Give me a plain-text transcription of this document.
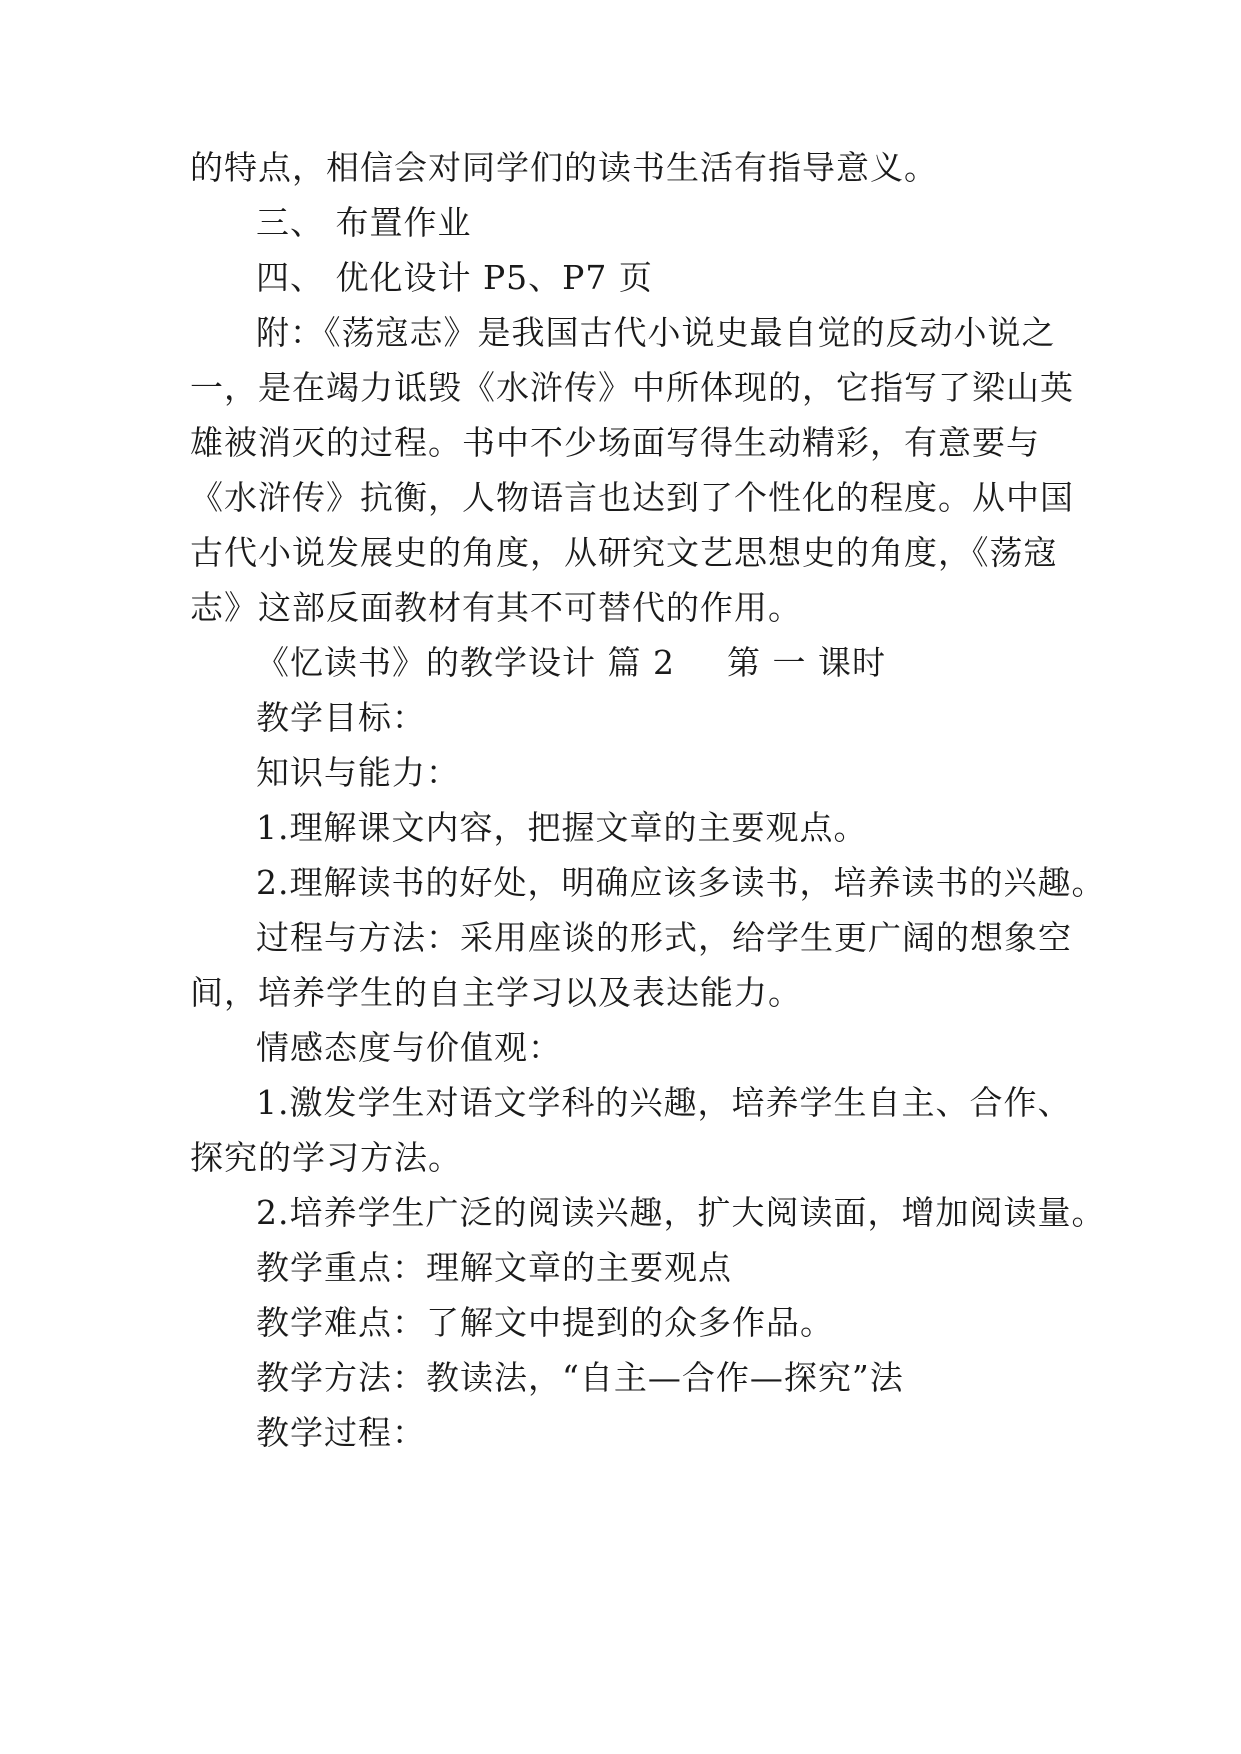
的特点，相信会对同学们的读书生活有指导意义。
三、 布置作业
四、 优化设计 P5、P7 页
附：《荡寇志》是我国古代小说史最自觉的反动小说之
一，是在竭力诋毁《水浒传》中所体现的，它指写了梁山英
雄被消灭的过程。书中不少场面写得生动精彩，有意要与
《水浒传》抗衡，人物语言也达到了个性化的程度。从中国
古代小说发展史的角度，从研究文艺思想史的角度，《荡寇
志》这部反面教材有其不可替代的作用。
《忆读书》的教学设计 篇 2 第 一 课时
教学目标：
知识与能力：
1.理解课文内容，把握文章的主要观点。
2.理解读书的好处，明确应该多读书，培养读书的兴趣。
过程与方法：采用座谈的形式，给学生更广阔的想象空
间，培养学生的自主学习以及表达能力。
情感态度与价值观：
1.激发学生对语文学科的兴趣，培养学生自主、合作、
探究的学习方法。
2.培养学生广泛的阅读兴趣，扩大阅读面，增加阅读量。
教学重点：理解文章的主要观点
教学难点：了解文中提到的众多作品。
教学方法：教读法，“自主—合作—探究”法
教学过程：
